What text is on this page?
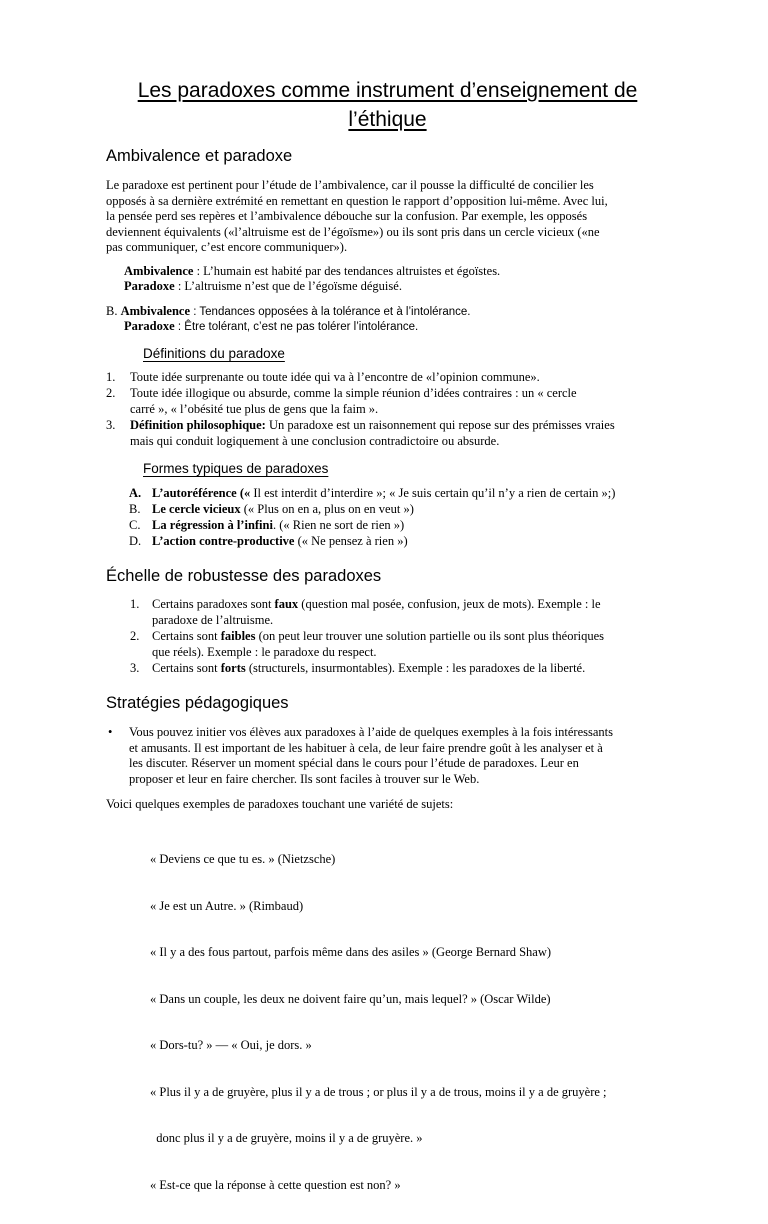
Les paradoxes comme instrument d’enseignement de
l’éthique
Ambivalence et paradoxe
Le paradoxe est pertinent pour l’étude de l’ambivalence, car il pousse la difficulté de concilier les
opposés à sa dernière extrémité en remettant en question le rapport d’opposition lui-même. Avec lui,
la pensée perd ses repères et l’ambivalence débouche sur la confusion. Par exemple, les opposés
deviennent équivalents («l’altruisme est de l’égoïsme») ou ils sont pris dans un cercle vicieux («ne
pas communiquer, c’est encore communiquer»).
Ambivalence : L’humain est habité par des tendances altruistes et égoïstes.
Paradoxe : L’altruisme n’est que de l’égoïsme déguisé.
B. Ambivalence : Tendances opposées à la tolérance et à l’intolérance.
Paradoxe : Être tolérant, c’est ne pas tolérer l’intolérance.
Définitions du paradoxe
1. Toute idée surprenante ou toute idée qui va à l’encontre de «l’opinion commune».
2. Toute idée illogique ou absurde, comme la simple réunion d’idées contraires : un « cercle
carré », « l’obésité tue plus de gens que la faim ».
3. Définition philosophique: Un paradoxe est un raisonnement qui repose sur des prémisses vraies
mais qui conduit logiquement à une conclusion contradictoire ou absurde.
Formes typiques de paradoxes
A. L’autoréférence (« Il est interdit d’interdire »; « Je suis certain qu’il n’y a rien de certain »;)
B. Le cercle vicieux (« Plus on en a, plus on en veut »)
C. La régression à l’infini. (« Rien ne sort de rien »)
D. L’action contre-productive (« Ne pensez à rien »)
Échelle de robustesse des paradoxes
1. Certains paradoxes sont faux (question mal posée, confusion, jeux de mots). Exemple : le
paradoxe de l’altruisme.
2. Certains sont faibles (on peut leur trouver une solution partielle ou ils sont plus théoriques
que réels). Exemple : le paradoxe du respect.
3. Certains sont forts (structurels, insurmontables). Exemple : les paradoxes de la liberté.
Stratégies pédagogiques
• Vous pouvez initier vos élèves aux paradoxes à l’aide de quelques exemples à la fois intéressants
et amusants. Il est important de les habituer à cela, de leur faire prendre goût à les analyser et à
les discuter. Réserver un moment spécial dans le cours pour l’étude de paradoxes. Leur en
proposer et leur en faire chercher. Ils sont faciles à trouver sur le Web.
Voici quelques exemples de paradoxes touchant une variété de sujets:

« Deviens ce que tu es. » (Nietzsche)

« Je est un Autre. » (Rimbaud)

« Il y a des fous partout, parfois même dans des asiles » (George Bernard Shaw)

« Dans un couple, les deux ne doivent faire qu’un, mais lequel? » (Oscar Wilde)

« Dors-tu? » — « Oui, je dors. »

« Plus il y a de gruyère, plus il y a de trous ; or plus il y a de trous, moins il y a de gruyère ;

donc plus il y a de gruyère, moins il y a de gruyère. »

« Est-ce que la réponse à cette question est non? »
